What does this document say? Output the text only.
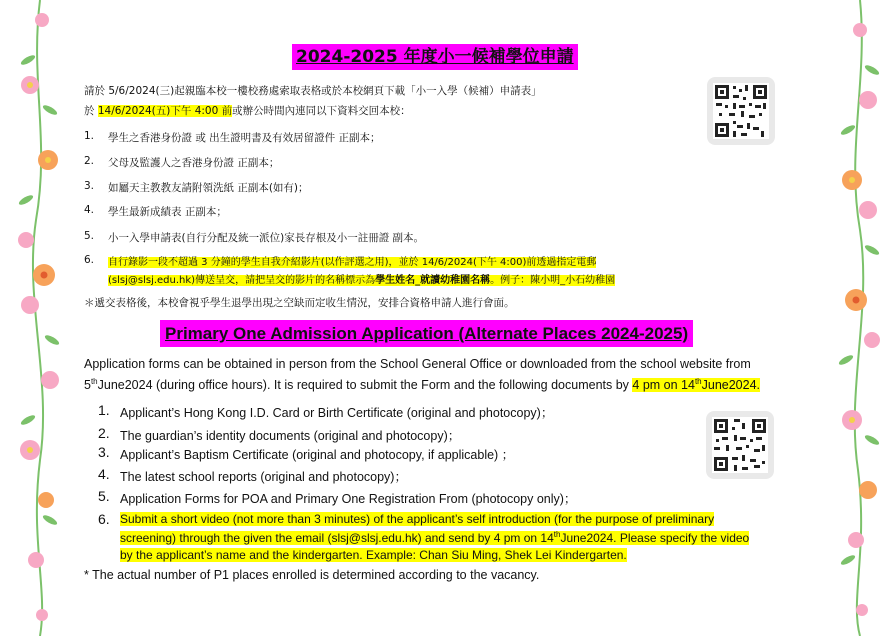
2024-2025 年度小一候補學位申請
請於 5/6/2024(三)起親臨本校一樓校務處索取表格或於本校網頁下載「小一入學（候補）申請表」
於 14/6/2024(五)下午 4:00 前或辦公時間內連同以下資料交回本校：
1. 學生之香港身份證 或 出生證明書及有效居留證件 正副本；
2. 父母及監護人之香港身份證 正副本；
3. 如屬天主教教友請附領洗紙 正副本(如有)；
4. 學生最新成績表 正副本；
5. 小一入學申請表(自行分配及統一派位)家長存根及小一註冊證 副本。
6. 自行錄影一段不超過 3 分鐘的學生自我介紹影片(以作評選之用)，並於 14/6/2024(下午 4:00)前透過指定電郵
(slsj@slsj.edu.hk)傳送呈交，請把呈交的影片的名稱標示為學生姓名_就讀幼稚園名稱。例子：陳小明_小石幼稚園
＊遞交表格後，本校會視乎學生退學出現之空缺而定收生情況，安排合資格申請人進行會面。
Primary One Admission Application (Alternate Places 2024-2025)
Application forms can be obtained in person from the School General Office or downloaded from the school website from
5thJune2024 (during office hours). It is required to submit the Form and the following documents by 4 pm on 14thJune2024.
1. Applicant’s Hong Kong I.D. Card or Birth Certificate (original and photocopy)；
2. The guardian’s identity documents (original and photocopy)；
3. Applicant’s Baptism Certificate (original and photocopy, if applicable) ；
4. The latest school reports (original and photocopy)；
5. Application Forms for POA and Primary One Registration From (photocopy only)；
6. Submit a short video (not more than 3 minutes) of the applicant’s self introduction (for the purpose of preliminary
screening) through the given the email (slsj@slsj.edu.hk) and send by 4 pm on 14thJune2024. Please specify the video
by the applicant’s name and the kindergarten. Example: Chan Siu Ming, Shek Lei Kindergarten.
* The actual number of P1 places enrolled is determined according to the vacancy.
